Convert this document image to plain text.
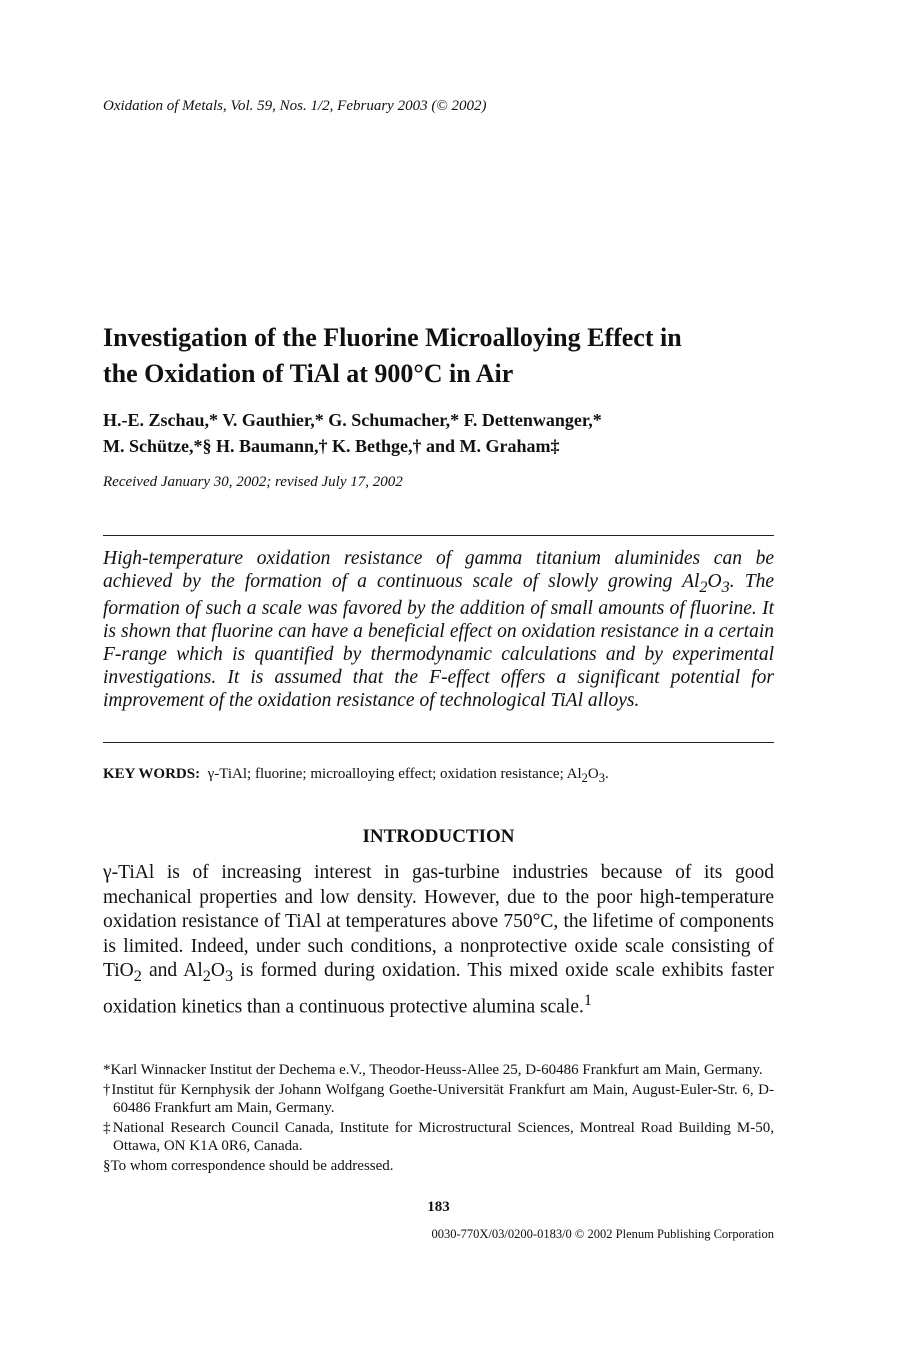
Oxidation of Metals, Vol. 59, Nos. 1/2, February 2003 (© 2002)
Investigation of the Fluorine Microalloying Effect in
the Oxidation of TiAl at 900°C in Air
H.-E. Zschau,* V. Gauthier,* G. Schumacher,* F. Dettenwanger,*
M. Schütze,*§ H. Baumann,† K. Bethge,† and M. Graham‡
Received January 30, 2002; revised July 17, 2002
High-temperature oxidation resistance of gamma titanium aluminides can be achieved by the formation of a continuous scale of slowly growing $Al_2O_3$. The formation of such a scale was favored by the addition of small amounts of fluorine. It is shown that fluorine can have a beneficial effect on oxidation resistance in a certain F-range which is quantified by thermodynamic calculations and by experimental investigations. It is assumed that the F-effect offers a significant potential for improvement of the oxidation resistance of technological TiAl alloys.
KEY WORDS: γ-TiAl; fluorine; microalloying effect; oxidation resistance; $Al_2O_3$.
INTRODUCTION
γ-TiAl is of increasing interest in gas-turbine industries because of its good mechanical properties and low density. However, due to the poor high-temperature oxidation resistance of TiAl at temperatures above 750°C, the lifetime of components is limited. Indeed, under such conditions, a nonprotective oxide scale consisting of TiO$_2$ and $Al_2O_3$ is formed during oxidation. This mixed oxide scale exhibits faster oxidation kinetics than a continuous protective alumina scale.$^1$

*Karl Winnacker Institut der Dechema e.V., Theodor-Heuss-Allee 25, D-60486 Frankfurt am Main, Germany.

†Institut für Kernphysik der Johann Wolfgang Goethe-Universität Frankfurt am Main, August-Euler-Str. 6, D-60486 Frankfurt am Main, Germany.

‡National Research Council Canada, Institute for Microstructural Sciences, Montreal Road Building M-50, Ottawa, ON K1A 0R6, Canada.

§To whom correspondence should be addressed.

183
0030-770X/03/0200-0183/0 © 2002 Plenum Publishing Corporation
